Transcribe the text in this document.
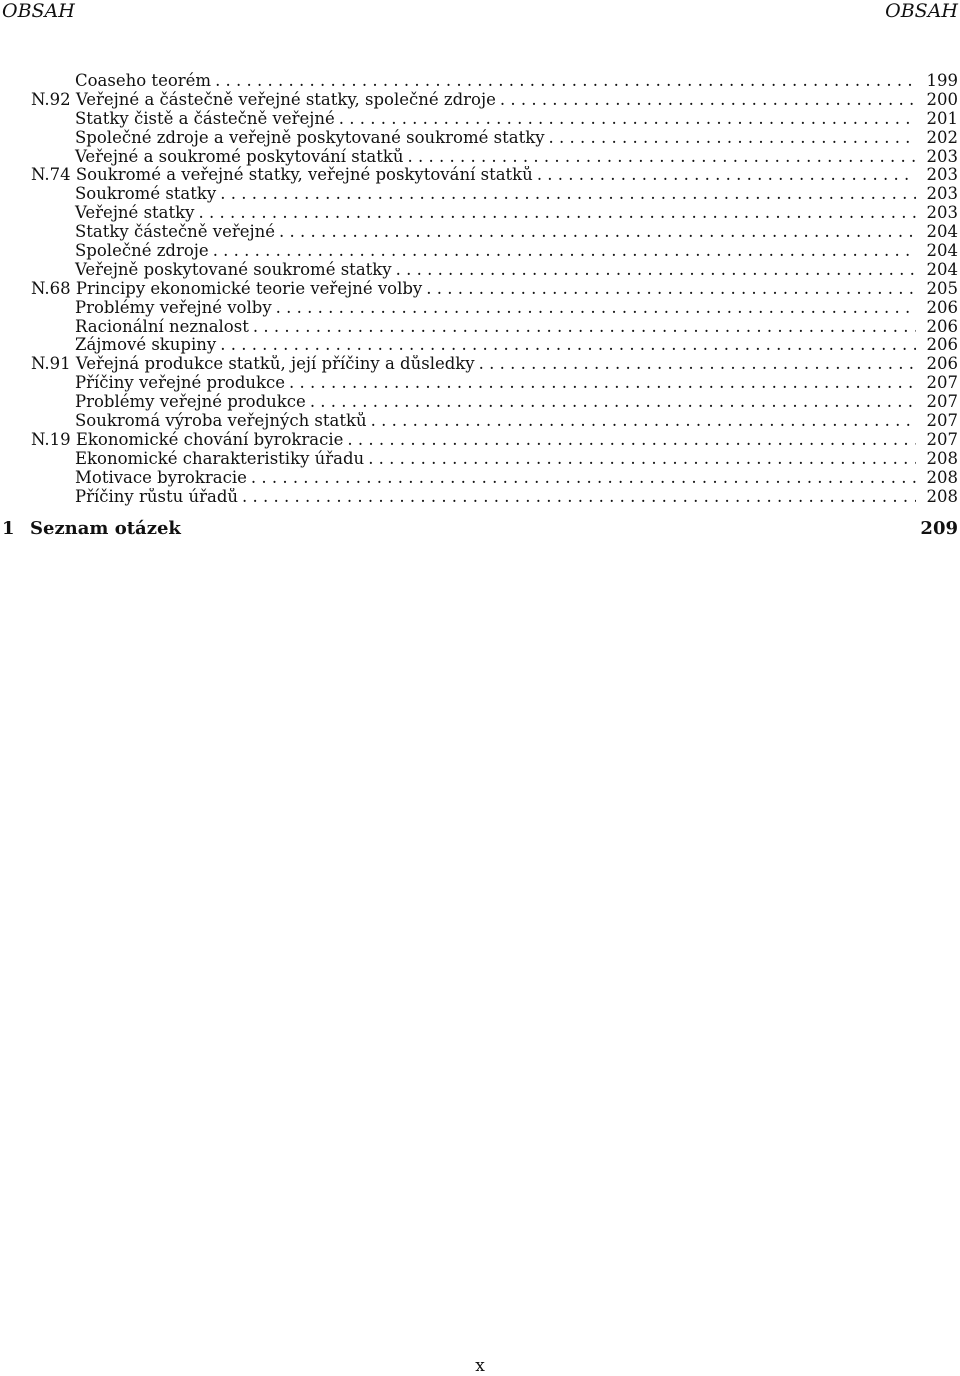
OBSAH	OBSAH
Coaseho teorém . . .	199
N.92 Veřejné a částečně veřejné statky, společné zdroje . . .	200
Statky čistě a částečně veřejné . . .	201
Společné zdroje a veřejně poskytované soukromé statky . . .	202
Veřejné a soukromé poskytování statků . . .	203
N.74 Soukromé a veřejné statky, veřejné poskytování statků . . .	203
Soukromé statky . . .	203
Veřejné statky . . .	203
Statky částečně veřejné . . .	204
Společné zdroje . . .	204
Veřejně poskytované soukromé statky . . .	204
N.68 Principy ekonomické teorie veřejné volby . . .	205
Problémy veřejné volby . . .	206
Racionální neznalost . . .	206
Zájmové skupiny . . .	206
N.91 Veřejná produkce statků, její příčiny a důsledky . . .	206
Příčiny veřejné produkce . . .	207
Problémy veřejné produkce . . .	207
Soukromá výroba veřejných statků . . .	207
N.19 Ekonomické chování byrokracie . . .	207
Ekonomické charakteristiky úřadu . . .	208
Motivace byrokracie . . .	208
Příčiny růstu úřadů . . .	208
1 Seznam otázek	209
x
